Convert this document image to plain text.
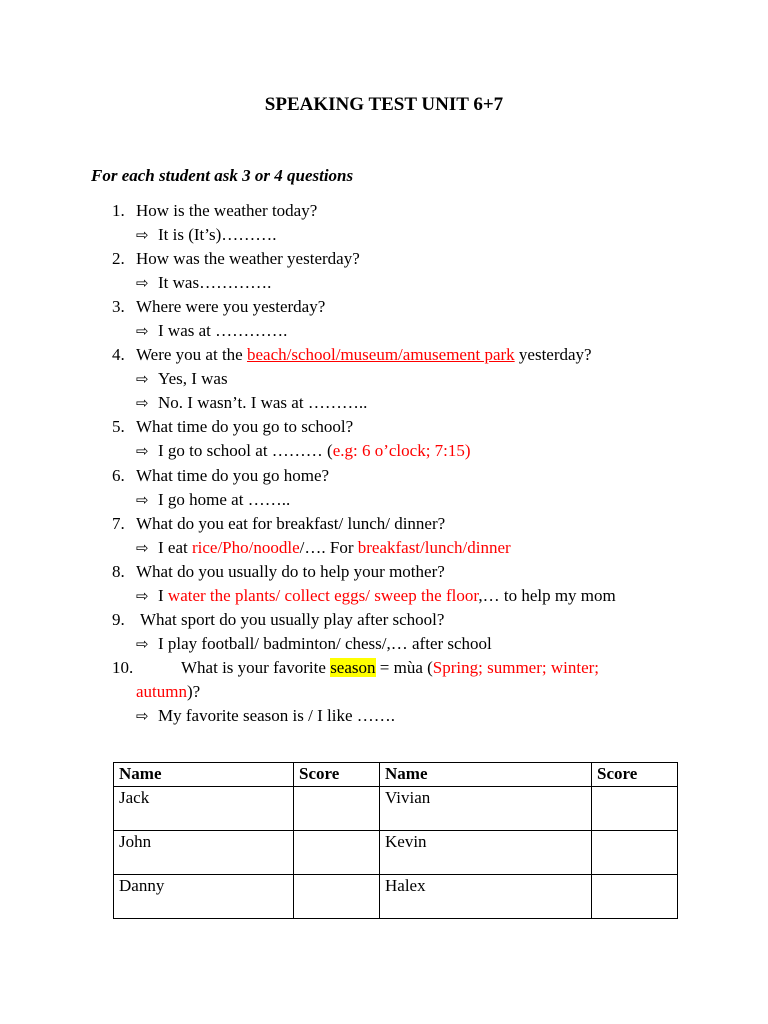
SPEAKING TEST UNIT 6+7
For each student ask 3 or 4 questions
1. How is the weather today?
⇨ It is (It’s)……….
2. How was the weather yesterday?
⇨ It was………….
3. Where were you yesterday?
⇨ I was at ………….
4. Were you at the beach/school/museum/amusement park yesterday?
⇨ Yes, I was
⇨ No. I wasn’t. I was at ………..
5. What time do you go to school?
⇨ I go to school at ……… (e.g: 6 o’clock; 7:15)
6. What time do you go home?
⇨ I go home at ……..
7. What do you eat for breakfast/ lunch/ dinner?
⇨ I eat rice/Pho/noodle/…. For breakfast/lunch/dinner
8. What do you usually do to help your mother?
⇨ I water the plants/ collect eggs/ sweep the floor,… to help my mom
9. What sport do you usually play after school?
⇨ I play football/ badminton/ chess/,… after school
10.	What is your favorite season = mùa (Spring; summer; winter;
autumn)?
⇨ My favorite season is / I like …….
Name	Score	Name	Score
Jack		Vivian	
John		Kevin	
Danny		Halex	
